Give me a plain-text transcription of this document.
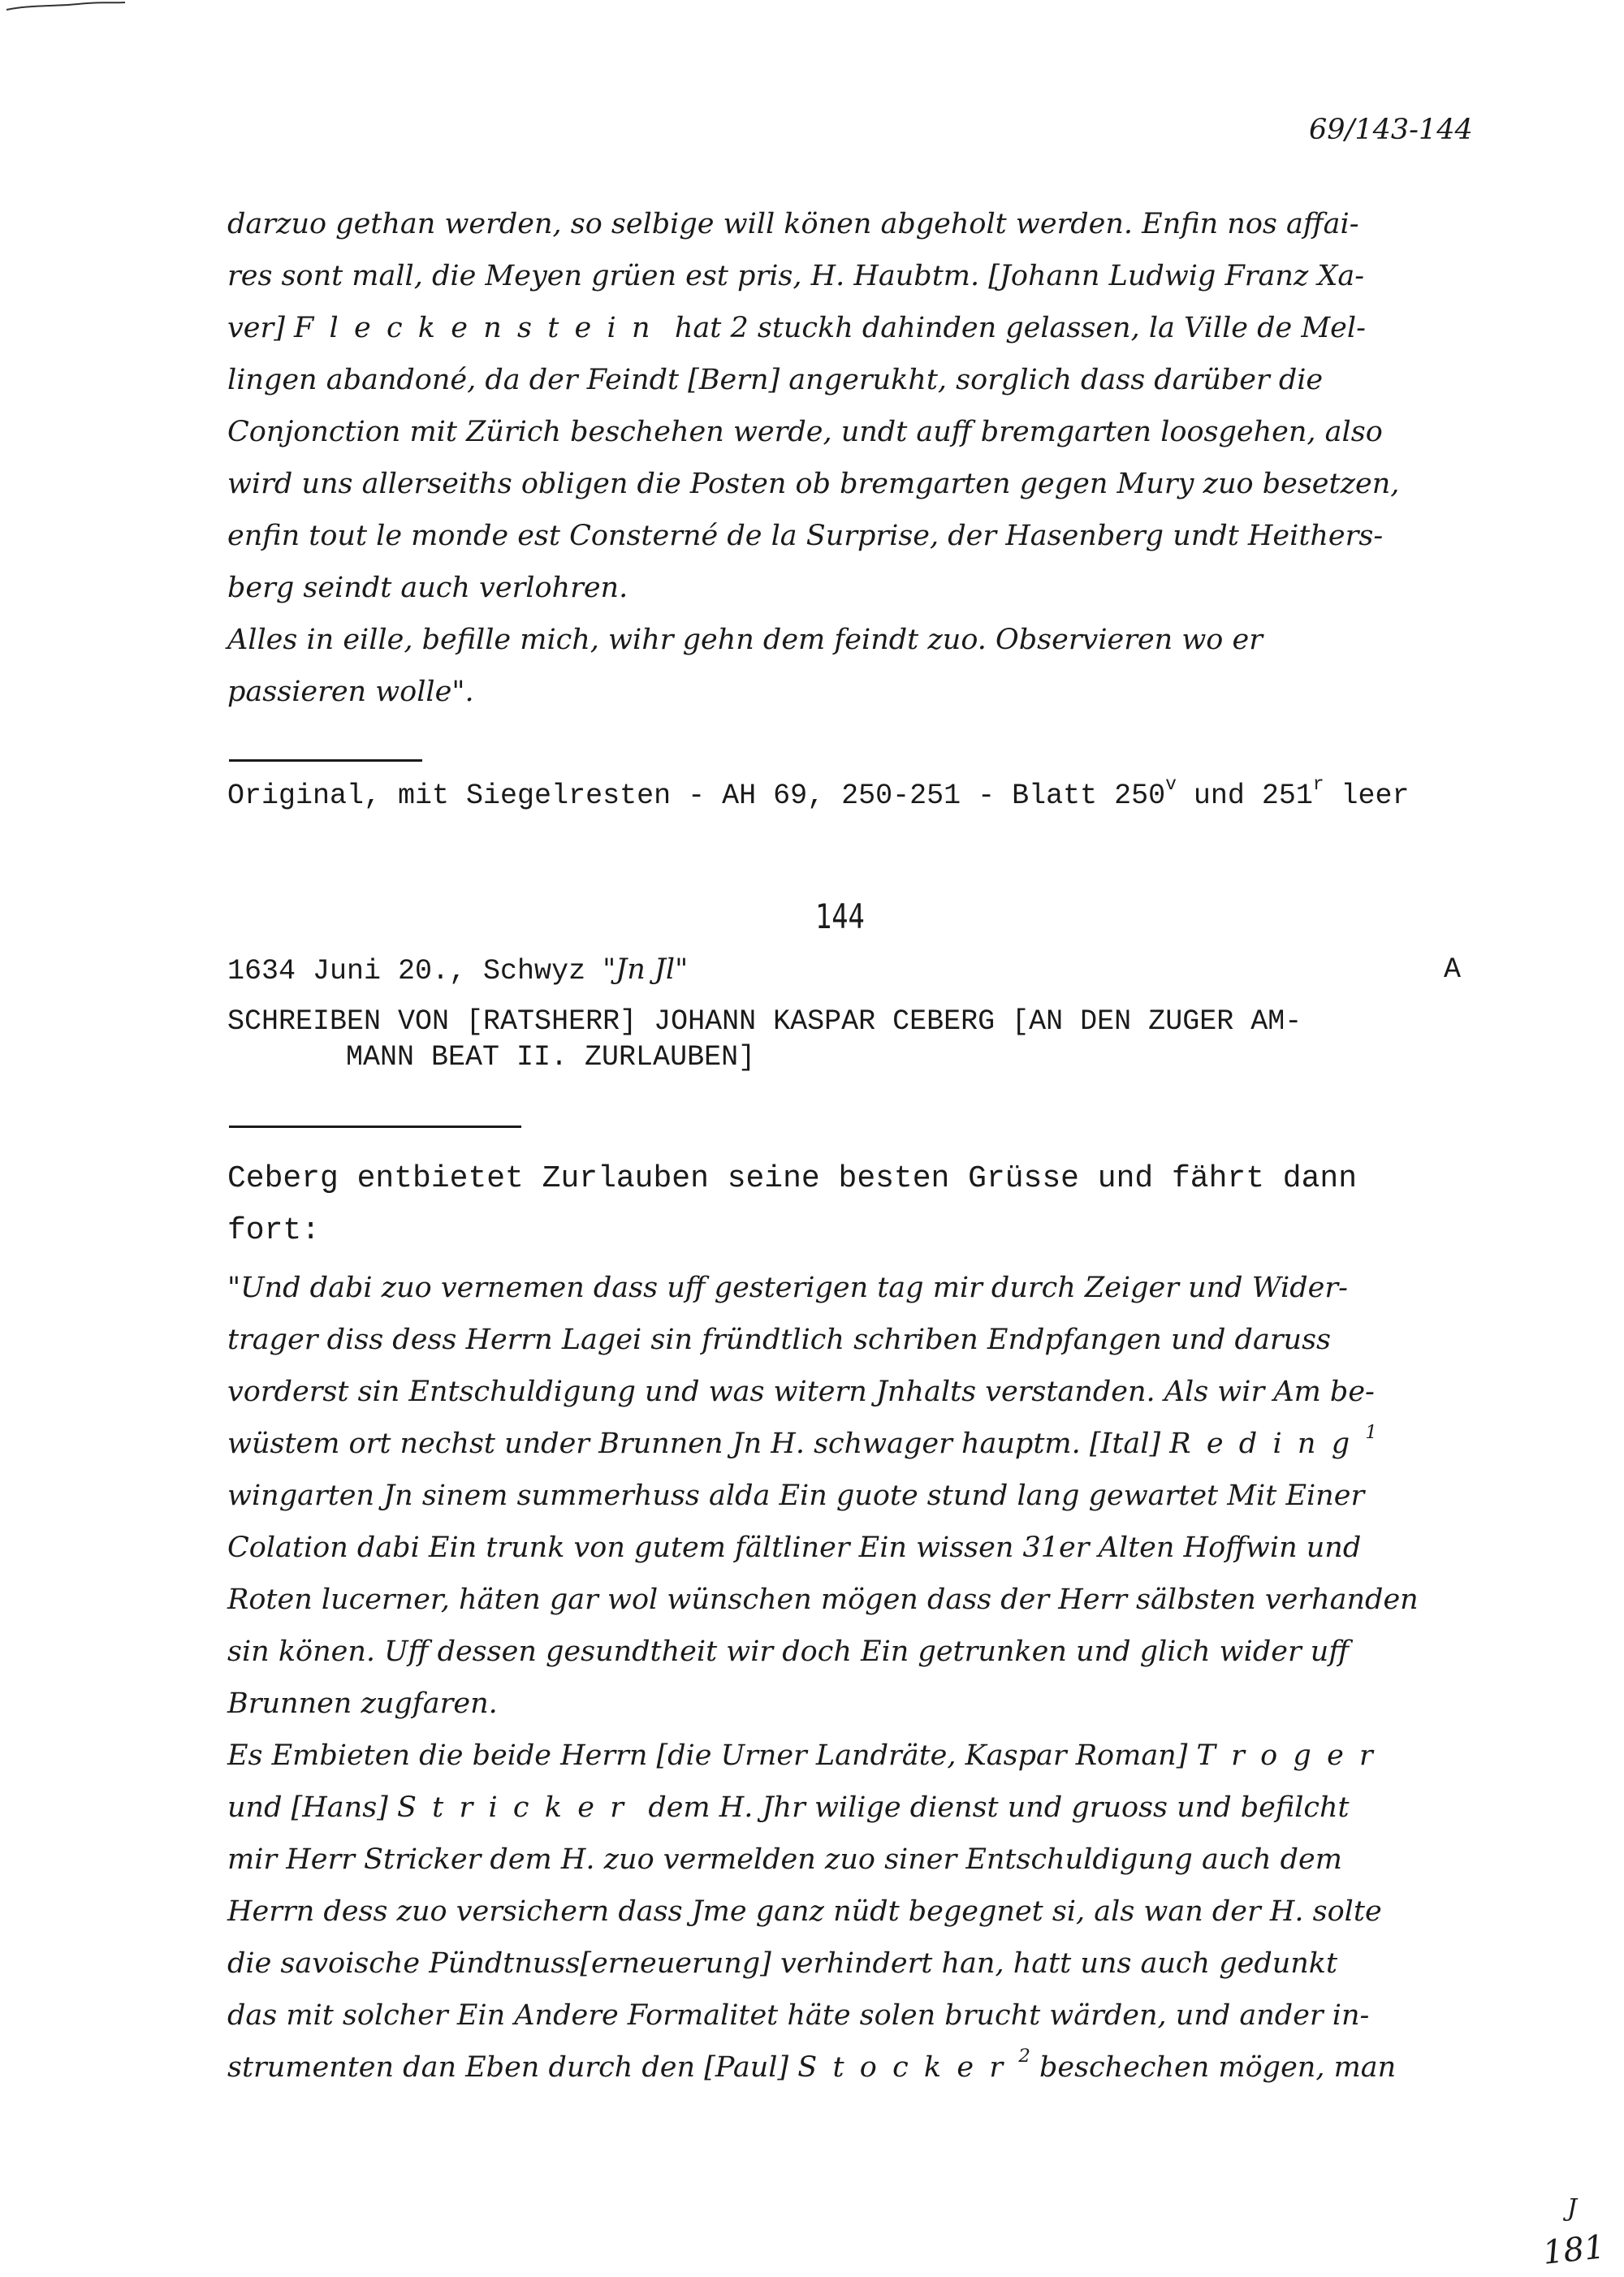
69/143-144
darzuo gethan werden, so selbige will könen abgeholt werden. Enfin nos affai-
res sont mall, die Meyen grüen est pris, H. Haubtm. [Johann Ludwig Franz Xa-
ver] Fleckenstein hat 2 stuckh dahinden gelassen, la Ville de Mel-
lingen abandoné, da der Feindt [Bern] angerukht, sorglich dass darüber die
Conjonction mit Zürich beschehen werde, undt auff bremgarten loosgehen, also
wird uns allerseiths obligen die Posten ob bremgarten gegen Mury zuo besetzen,
enfin tout le monde est Consterné de la Surprise, der Hasenberg undt Heithers-
berg seindt auch verlohren.
Alles in eille, befille mich, wihr gehn dem feindt zuo. Observieren wo er
passieren wolle".
Original, mit Siegelresten - AH 69, 250-251 - Blatt 250$^v$ und 251$^r$ leer
144
1634 Juni 20., Schwyz "Jn Jl"	A
SCHREIBEN VON [RATSHERR] JOHANN KASPAR CEBERG [AN DEN ZUGER AM-
MANN BEAT II. ZURLAUBEN]
Ceberg entbietet Zurlauben seine besten Grüsse und fährt dann
fort:
"Und dabi zuo vernemen dass uff gesterigen tag mir durch Zeiger und Wider-
trager diss dess Herrn Lagei sin fründtlich schriben Endpfangen und daruss
vorderst sin Entschuldigung und was witern Jnhalts verstanden. Als wir Am be-
wüstem ort nechst under Brunnen Jn H. schwager hauptm. [Ital] Reding$^1$
wingarten Jn sinem summerhuss alda Ein guote stund lang gewartet Mit Einer
Colation dabi Ein trunk von gutem fältliner Ein wissen 31er Alten Hoffwin und
Roten lucerner, häten gar wol wünschen mögen dass der Herr sälbsten verhanden
sin könen. Uff dessen gesundtheit wir doch Ein getrunken und glich wider uff
Brunnen zugfaren.
Es Embieten die beide Herrn [die Urner Landräte, Kaspar Roman] Troger
und [Hans] Stricker dem H. Jhr wilige dienst und gruoss und befilcht
mir Herr Stricker dem H. zuo vermelden zuo siner Entschuldigung auch dem
Herrn dess zuo versichern dass Jme ganz nüdt begegnet si, als wan der H. solte
die savoische Pündtnuss[erneuerung] verhindert han, hatt uns auch gedunkt
das mit solcher Ein Andere Formalitet häte solen brucht wärden, und ander in-
strumenten dan Eben durch den [Paul] Stocker$^2$ beschechen mögen, man
J
181
